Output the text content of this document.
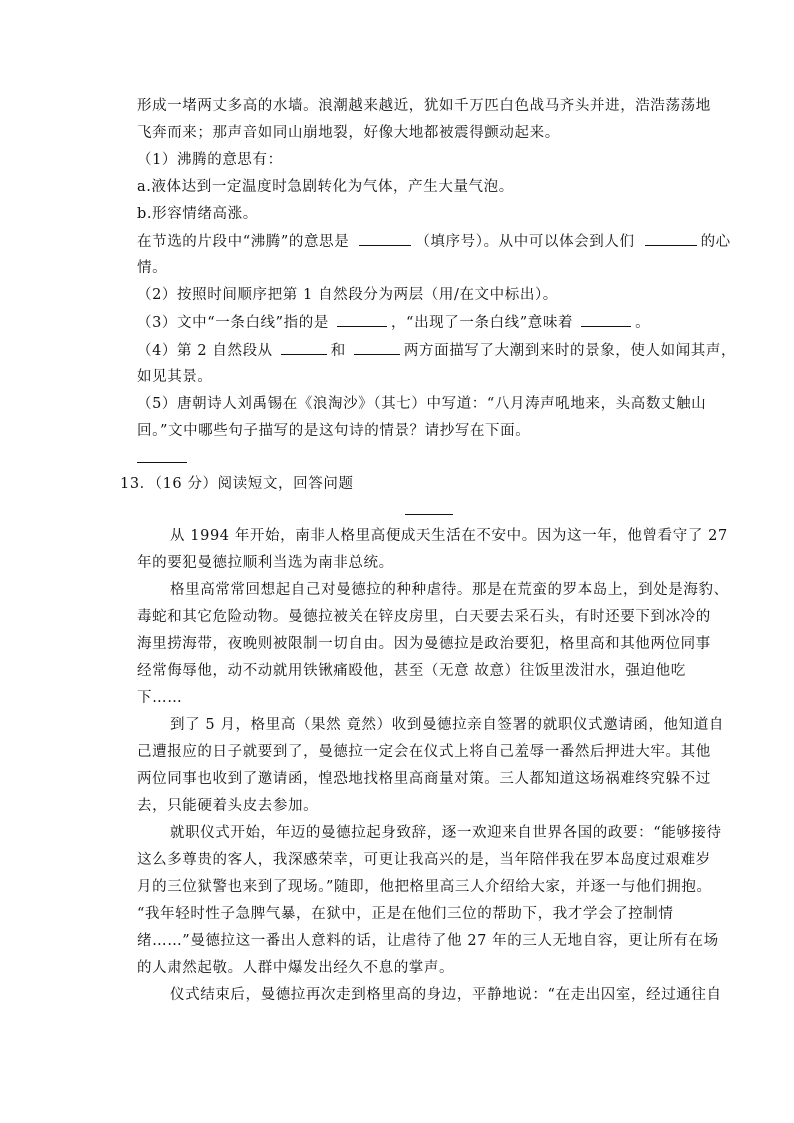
形成一堵两丈多高的水墙。浪潮越来越近，犹如千万匹白色战马齐头并进，浩浩荡荡地
飞奔而来；那声音如同山崩地裂，好像大地都被震得颤动起来。
（1）沸腾的意思有：
a.液体达到一定温度时急剧转化为气体，产生大量气泡。
b.形容情绪高涨。
在节选的片段中“沸腾”的意思是	（填序号）。从中可以体会到人们	的心
情。
（2）按照时间顺序把第 1 自然段分为两层（用/在文中标出）。
（3）文中“一条白线”指的是	，“出现了一条白线”意味着	。
（4）第 2 自然段从	和	两方面描写了大潮到来时的景象，使人如闻其声，
如见其景。
（5）唐朝诗人刘禹锡在《浪淘沙》（其七）中写道：“八月涛声吼地来，头高数丈触山
回。”文中哪些句子描写的是这句诗的情景？请抄写在下面。
13．（16 分）阅读短文，回答问题
从 1994 年开始，南非人格里高便成天生活在不安中。因为这一年，他曾看守了 27
年的要犯曼德拉顺利当选为南非总统。
格里高常常回想起自己对曼德拉的种种虐待。那是在荒蛮的罗本岛上，到处是海豹、
毒蛇和其它危险动物。曼德拉被关在锌皮房里，白天要去采石头，有时还要下到冰冷的
海里捞海带，夜晚则被限制一切自由。因为曼德拉是政治要犯，格里高和其他两位同事
经常侮辱他，动不动就用铁锹痛殴他，甚至（无意 故意）往饭里泼泔水，强迫他吃
下……
到了 5 月，格里高（果然 竟然）收到曼德拉亲自签署的就职仪式邀请函，他知道自
己遭报应的日子就要到了，曼德拉一定会在仪式上将自己羞辱一番然后押进大牢。其他
两位同事也收到了邀请函，惶恐地找格里高商量对策。三人都知道这场祸难终究躲不过
去，只能硬着头皮去参加。
就职仪式开始，年迈的曼德拉起身致辞，逐一欢迎来自世界各国的政要：“能够接待
这么多尊贵的客人，我深感荣幸，可更让我高兴的是，当年陪伴我在罗本岛度过艰难岁
月的三位狱警也来到了现场。”随即，他把格里高三人介绍给大家，并逐一与他们拥抱。
“我年轻时性子急脾气暴，在狱中，正是在他们三位的帮助下，我才学会了控制情
绪……”曼德拉这一番出人意料的话，让虐待了他 27 年的三人无地自容，更让所有在场
的人肃然起敬。人群中爆发出经久不息的掌声。
仪式结束后，曼德拉再次走到格里高的身边，平静地说：“在走出囚室，经过通往自
